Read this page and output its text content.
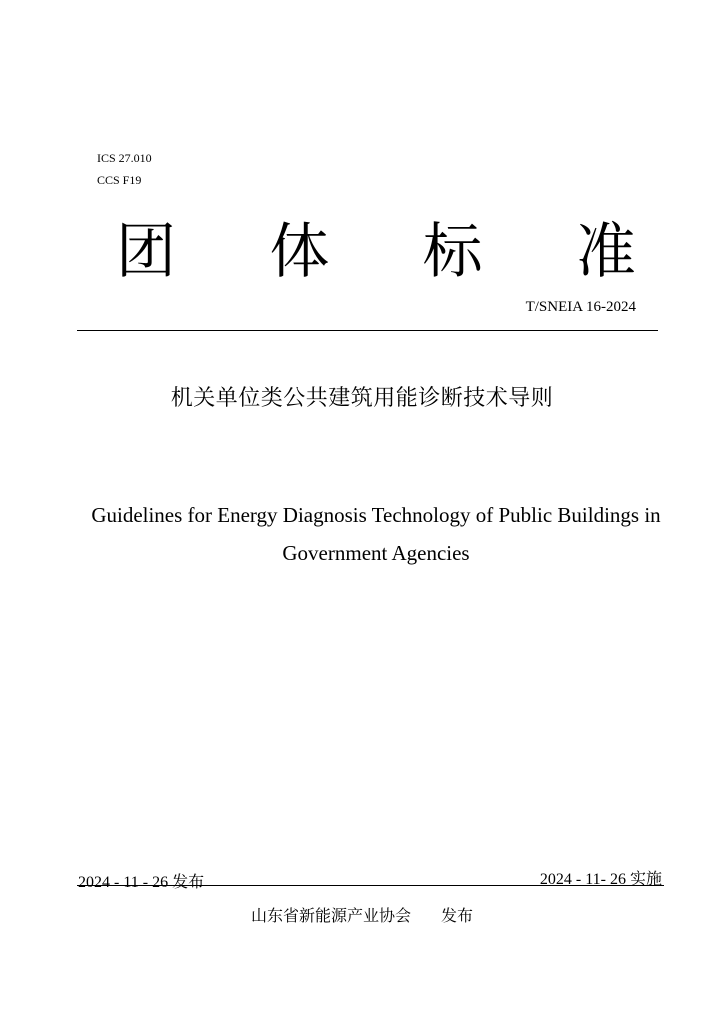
ICS 27.010
CCS F19
团 体 标 准
T/SNEIA 16-2024
机关单位类公共建筑用能诊断技术导则
Guidelines for Energy Diagnosis Technology of Public Buildings in
Government Agencies
2024 - 11 - 26 发布	2024 - 11- 26 实施
山东省新能源产业协会 发布
